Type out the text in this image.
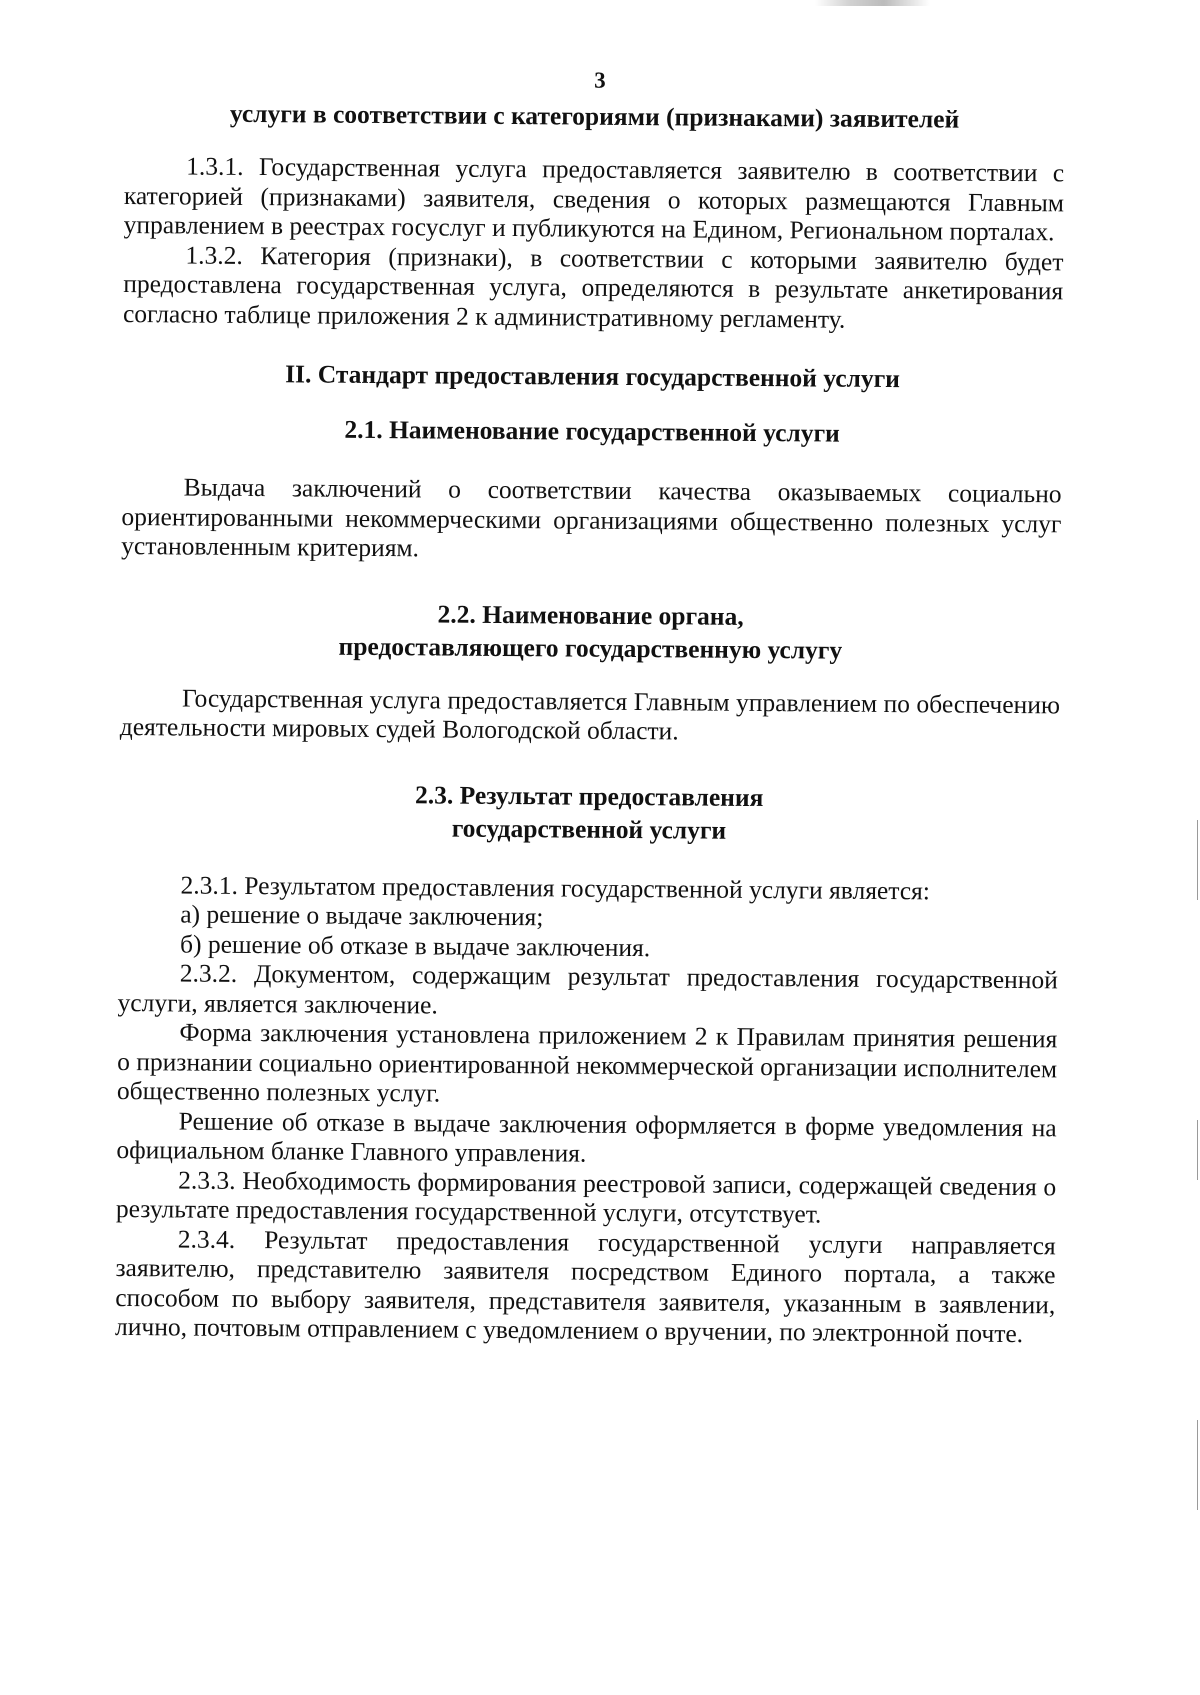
3
услуги в соответствии с категориями (признаками) заявителей
1.3.1. Государственная услуга предоставляется заявителю в соответствии с категорией (признаками) заявителя, сведения о которых размещаются Главным управлением в реестрах госуслуг и публикуются на Едином, Региональном порталах.
1.3.2. Категория (признаки), в соответствии с которыми заявителю будет предоставлена государственная услуга, определяются в результате анкетирования согласно таблице приложения 2 к административному регламенту.
II. Стандарт предоставления государственной услуги
2.1. Наименование государственной услуги
Выдача заключений о соответствии качества оказываемых социально ориентированными некоммерческими организациями общественно полезных услуг установленным критериям.
2.2. Наименование органа,
предоставляющего государственную услугу
Государственная услуга предоставляется Главным управлением по обеспечению деятельности мировых судей Вологодской области.
2.3. Результат предоставления
государственной услуги
2.3.1. Результатом предоставления государственной услуги является:
а) решение о выдаче заключения;
б) решение об отказе в выдаче заключения.
2.3.2. Документом, содержащим результат предоставления государственной услуги, является заключение.
Форма заключения установлена приложением 2 к Правилам принятия решения о признании социально ориентированной некоммерческой организации исполнителем общественно полезных услуг.
Решение об отказе в выдаче заключения оформляется в форме уведомления на официальном бланке Главного управления.
2.3.3. Необходимость формирования реестровой записи, содержащей сведения о результате предоставления государственной услуги, отсутствует.
2.3.4. Результат предоставления государственной услуги направляется заявителю, представителю заявителя посредством Единого портала, а также способом по выбору заявителя, представителя заявителя, указанным в заявлении, лично, почтовым отправлением с уведомлением о вручении, по электронной почте.
